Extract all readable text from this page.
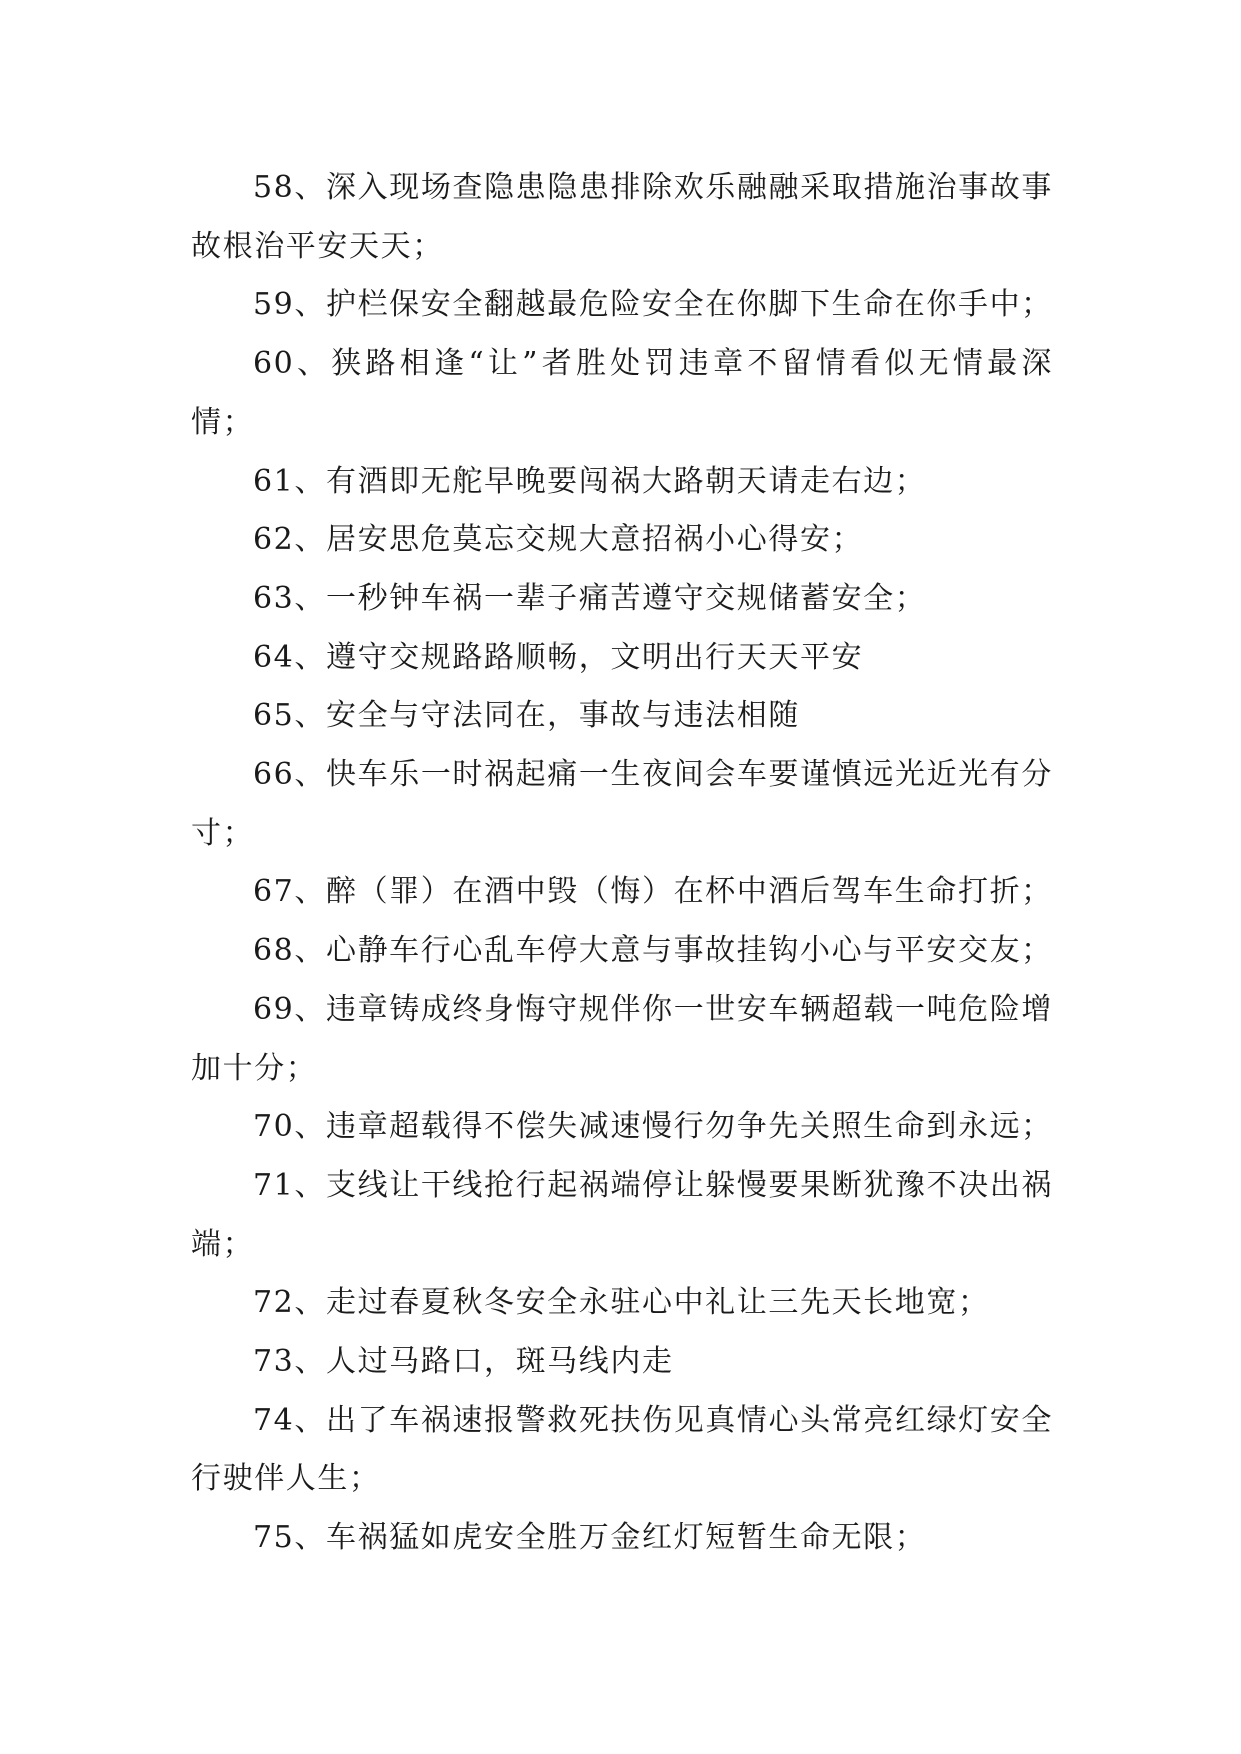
58、深入现场查隐患隐患排除欢乐融融采取措施治事故事故根治平安天天；

59、护栏保安全翻越最危险安全在你脚下生命在你手中；

60、狭路相逢“让”者胜处罚违章不留情看似无情最深情；

61、有酒即无舵早晚要闯祸大路朝天请走右边；

62、居安思危莫忘交规大意招祸小心得安；

63、一秒钟车祸一辈子痛苦遵守交规储蓄安全；

64、遵守交规路路顺畅，文明出行天天平安

65、安全与守法同在，事故与违法相随

66、快车乐一时祸起痛一生夜间会车要谨慎远光近光有分寸；

67、醉（罪）在酒中毁（悔）在杯中酒后驾车生命打折；

68、心静车行心乱车停大意与事故挂钩小心与平安交友；

69、违章铸成终身悔守规伴你一世安车辆超载一吨危险增加十分；

70、违章超载得不偿失减速慢行勿争先关照生命到永远；

71、支线让干线抢行起祸端停让躲慢要果断犹豫不决出祸端；

72、走过春夏秋冬安全永驻心中礼让三先天长地宽；

73、人过马路口，斑马线内走

74、出了车祸速报警救死扶伤见真情心头常亮红绿灯安全行驶伴人生；

75、车祸猛如虎安全胜万金红灯短暂生命无限；
